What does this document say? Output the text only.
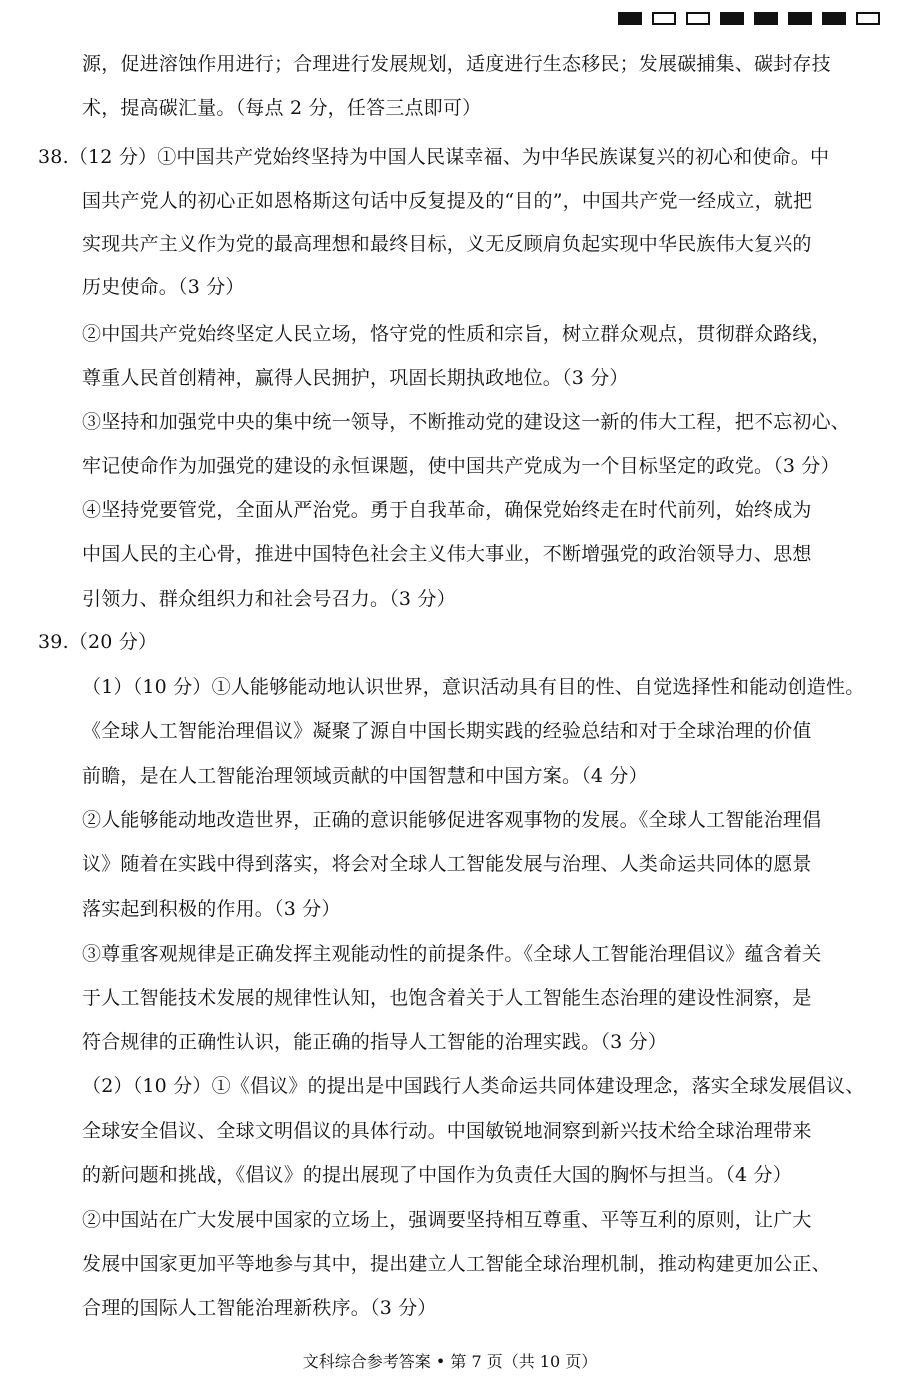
源，促进溶蚀作用进行；合理进行发展规划，适度进行生态移民；发展碳捕集、碳封存技
术，提高碳汇量。（每点 2 分，任答三点即可）
38.（12 分）①中国共产党始终坚持为中国人民谋幸福、为中华民族谋复兴的初心和使命。中
国共产党人的初心正如恩格斯这句话中反复提及的“目的”，中国共产党一经成立，就把
实现共产主义作为党的最高理想和最终目标，义无反顾肩负起实现中华民族伟大复兴的
历史使命。（3 分）
②中国共产党始终坚定人民立场，恪守党的性质和宗旨，树立群众观点，贯彻群众路线，
尊重人民首创精神，赢得人民拥护，巩固长期执政地位。（3 分）
③坚持和加强党中央的集中统一领导，不断推动党的建设这一新的伟大工程，把不忘初心、
牢记使命作为加强党的建设的永恒课题，使中国共产党成为一个目标坚定的政党。（3 分）
④坚持党要管党，全面从严治党。勇于自我革命，确保党始终走在时代前列，始终成为
中国人民的主心骨，推进中国特色社会主义伟大事业，不断增强党的政治领导力、思想
引领力、群众组织力和社会号召力。（3 分）
39.（20 分）
（1）（10 分）①人能够能动地认识世界，意识活动具有目的性、自觉选择性和能动创造性。
《全球人工智能治理倡议》凝聚了源自中国长期实践的经验总结和对于全球治理的价值
前瞻，是在人工智能治理领域贡献的中国智慧和中国方案。（4 分）
②人能够能动地改造世界，正确的意识能够促进客观事物的发展。《全球人工智能治理倡
议》随着在实践中得到落实，将会对全球人工智能发展与治理、人类命运共同体的愿景
落实起到积极的作用。（3 分）
③尊重客观规律是正确发挥主观能动性的前提条件。《全球人工智能治理倡议》蕴含着关
于人工智能技术发展的规律性认知，也饱含着关于人工智能生态治理的建设性洞察，是
符合规律的正确性认识，能正确的指导人工智能的治理实践。（3 分）
（2）（10 分）①《倡议》的提出是中国践行人类命运共同体建设理念，落实全球发展倡议、
全球安全倡议、全球文明倡议的具体行动。中国敏锐地洞察到新兴技术给全球治理带来
的新问题和挑战，《倡议》的提出展现了中国作为负责任大国的胸怀与担当。（4 分）
②中国站在广大发展中国家的立场上，强调要坚持相互尊重、平等互利的原则，让广大
发展中国家更加平等地参与其中，提出建立人工智能全球治理机制，推动构建更加公正、
合理的国际人工智能治理新秩序。（3 分）
文科综合参考答案 • 第 7 页（共 10 页）
